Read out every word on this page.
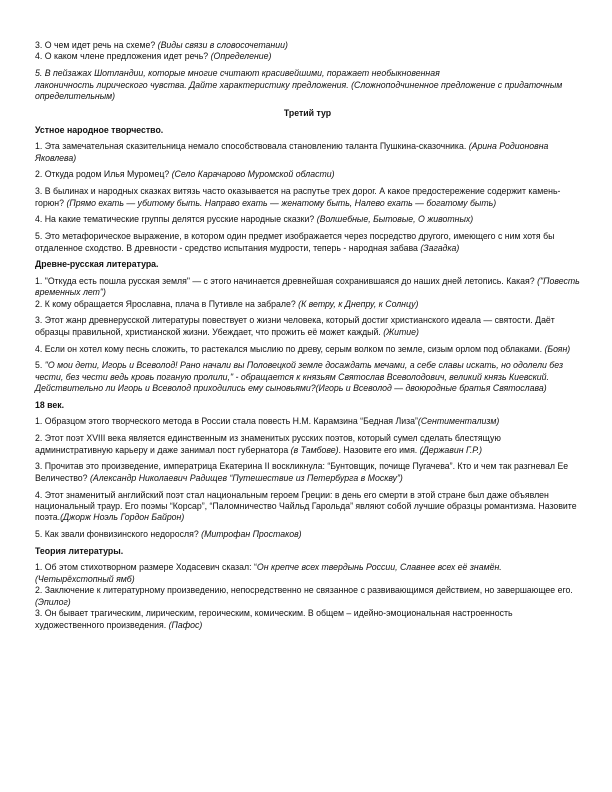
3. О чем идет речь на схеме? (Виды связи в словосочетании)

4. О каком члене предложения идет речь? (Определение)

5. В пейзажах Шотландии, которые многие считают красивейшими, поражает необыкновенная
лаконичность лирического чувства. Дайте характеристику предложения. (Сложноподчиненное предложение с придаточным определительным)

Третий тур
Устное народное творчество.

1. Эта замечательная сказительница немало способствовала становлению таланта Пушкина-сказочника. (Арина Родионовна Яковлева)

2. Откуда родом Илья Муромец? (Село Карачарово Муромской области)

3. В былинах и народных сказках витязь часто оказывается на распутье трех дорог. А какое предостережение содержит камень-горюн? (Прямо ехать — убитому быть. Направо ехать — женатому быть, Налево ехать — богатому быть)

4. На какие тематические группы делятся русские народные сказки? (Волшебные, Бытовые, О животных)

5. Это метафорическое выражение, в котором один предмет изображается через посредство другого, имеющего с ним хотя бы отдаленное сходство. В древности - средство испытания мудрости, теперь - народная забава (Загадка)

Древне-русская литература.

1. "Откуда есть пошла русская земля" — с этого начинается древнейшая сохранившаяся до наших дней летопись. Какая? ("Повесть временных лет")

2. К кому обращается Ярославна, плача в Путивле на забрале? (К ветру, к Днепру, к Солнцу)

3. Этот жанр древнерусской литературы повествует о жизни человека, который достиг христианского идеала — святости. Даёт образцы правильной, христианской жизни. Убеждает, что прожить её может каждый. (Житие)

4. Если он хотел кому песнь сложить, то растекался мыслию по древу, серым волком по земле, сизым орлом под облаками. (Боян)

5. "О мои дети, Игорь и Всеволод! Рано начали вы Половецкой земле досаждать мечами, а себе славы искать, но одолели без чести, без чести ведь кровь поганую пролили," - обращается к князьям Святослав Всеволодович, великий князь Киевский. Действительно ли Игорь и Всеволод приходились ему сыновьями?(Игорь и Всеволод — двоюродные братья Святослава)

18 век.

1. Образцом этого творческого метода в России стала повесть Н.М. Карамзина “Бедная Лиза”(Сентиментализм)

2. Этот поэт XVIII века является единственным из знаменитых русских поэтов, который сумел сделать блестящую административную карьеру и даже занимал пост губернатора (в Тамбове). Назовите его имя. (Державин Г.Р.)

3. Прочитав это произведение, императрица Екатерина II воскликнула: “Бунтовщик, почище Пугачева”. Кто и чем так разгневал Ее Величество? (Александр Николаевич Радищев “Путешествие из Петербурга в Москву”)

4. Этот знаменитый английский поэт стал национальным героем Греции: в день его смерти в этой стране был даже объявлен национальный траур. Его поэмы “Корсар”, “Паломничество Чайльд Гарольда” являют собой лучшие образцы романтизма. Назовите поэта.(Джорж Ноэль Гордон Байрон)

5. Как звали фонвизинского недоросля? (Митрофан Простаков)

Теория литературы.

1. Об этом стихотворном размере Ходасевич сказал: “Он крепче всех твердынь России, Славнее всех её знамён. (Четырёхстопный ямб)

2. Заключение к литературному произведению, непосредственно не связанное с развивающимся действием, но завершающее его. (Эпилог)

3. Он бывает трагическим, лирическим, героическим, комическим. В общем – идейно-эмоциональная настроенность художественного произведения. (Пафос)
